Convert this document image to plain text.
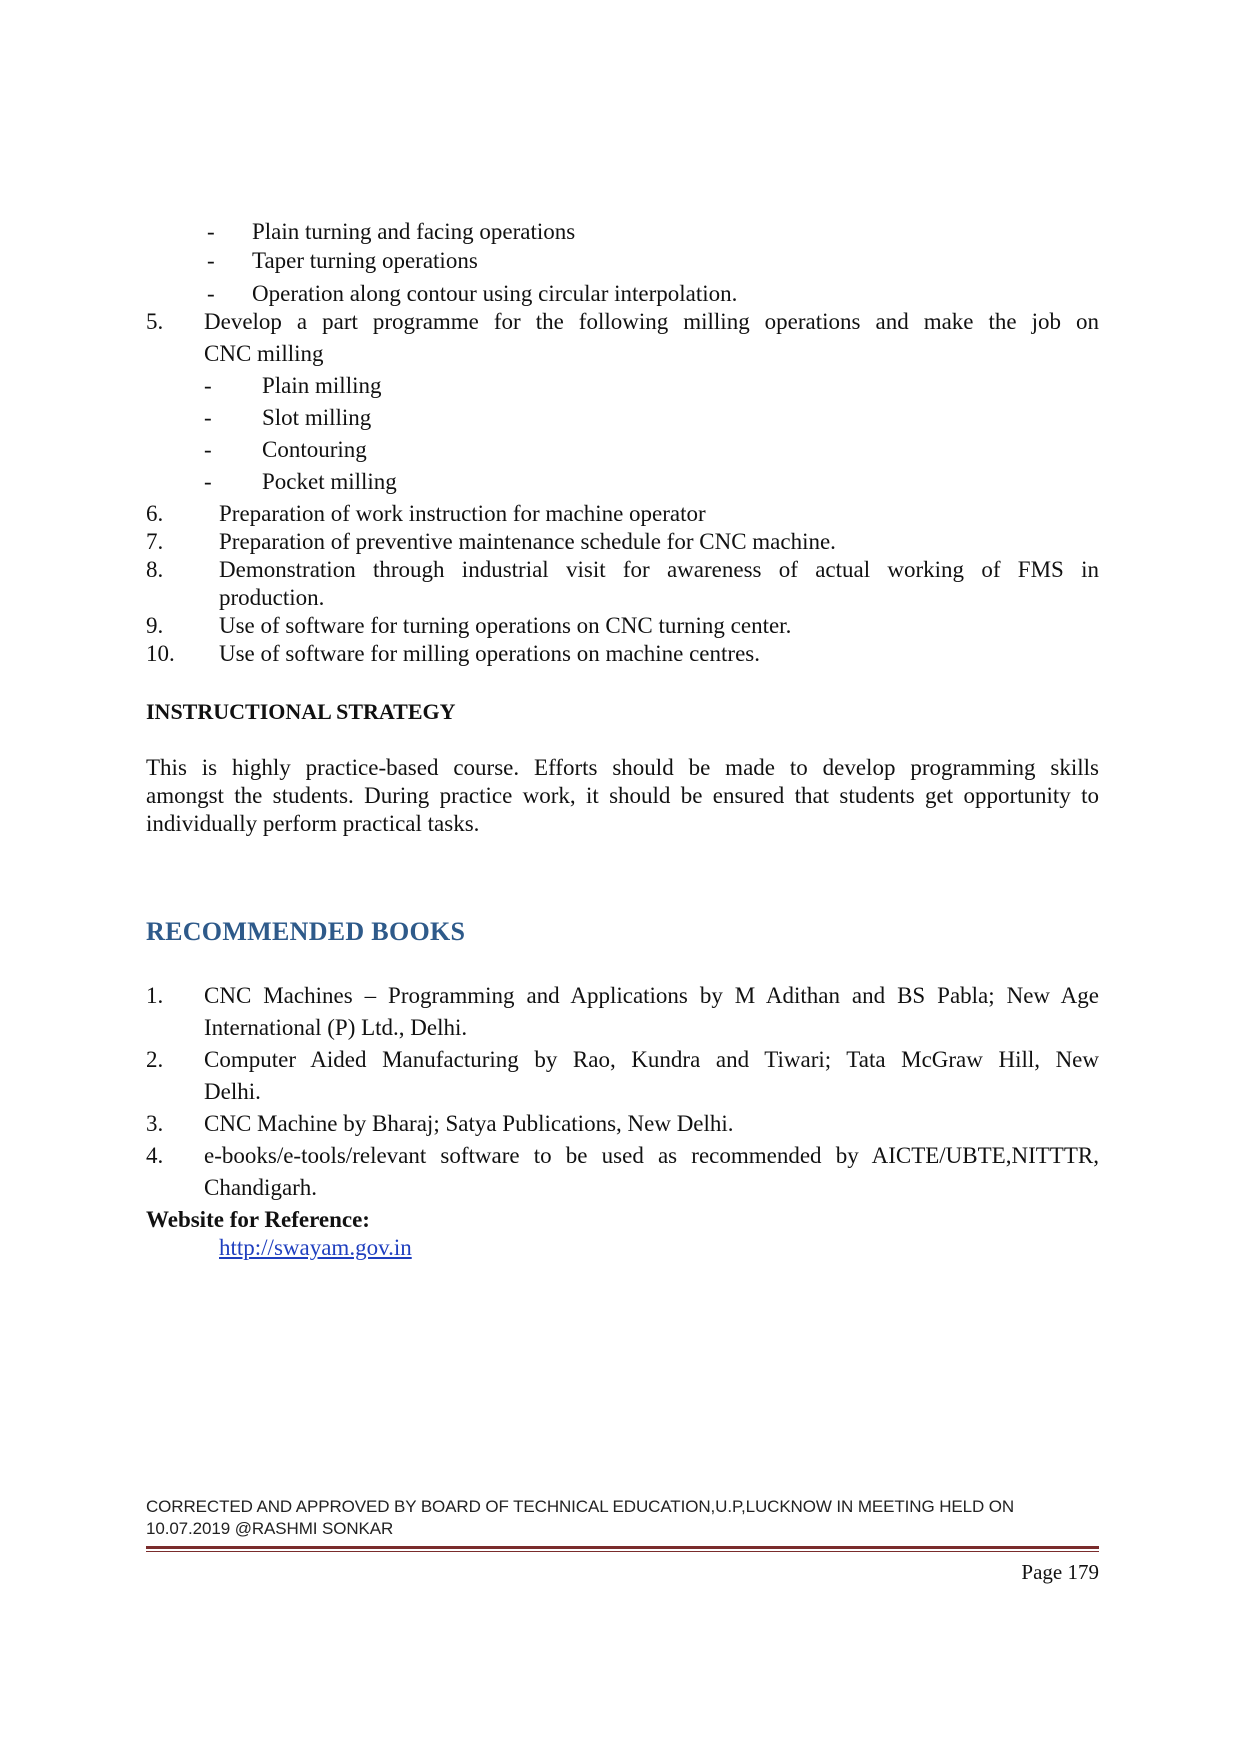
- Plain turning and facing operations
- Taper turning operations
- Operation along contour using circular interpolation.
5. Develop a part programme for the following milling operations and make the job on
CNC milling
- Plain milling
- Slot milling
- Contouring
- Pocket milling
6. Preparation of work instruction for machine operator
7. Preparation of preventive maintenance schedule for CNC machine.
8. Demonstration through industrial visit for awareness of actual working of FMS in
production.
9. Use of software for turning operations on CNC turning center.
10. Use of software for milling operations on machine centres.
INSTRUCTIONAL STRATEGY
This is highly practice-based course. Efforts should be made to develop programming skills
amongst the students. During practice work, it should be ensured that students get opportunity to
individually perform practical tasks.
RECOMMENDED BOOKS
1. CNC Machines – Programming and Applications by M Adithan and BS Pabla; New Age
International (P) Ltd., Delhi.
2. Computer Aided Manufacturing by Rao, Kundra and Tiwari; Tata McGraw Hill, New
Delhi.
3. CNC Machine by Bharaj; Satya Publications, New Delhi.
4. e-books/e-tools/relevant software to be used as recommended by AICTE/UBTE,NITTTR,
Chandigarh.
Website for Reference:
http://swayam.gov.in
CORRECTED AND APPROVED BY BOARD OF TECHNICAL EDUCATION,U.P,LUCKNOW IN MEETING HELD ON
10.07.2019 @RASHMI SONKAR
Page 179
